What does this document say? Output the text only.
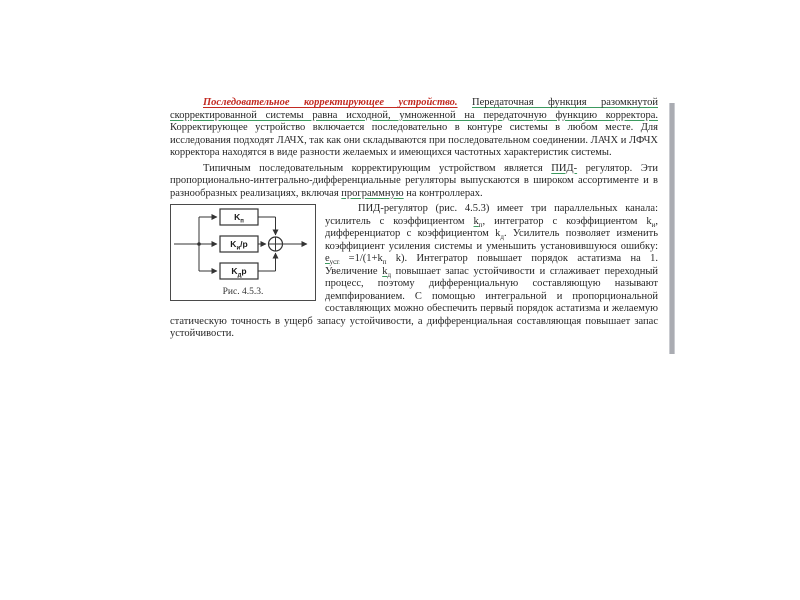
Последовательное корректирующее устройство. Передаточная функция разомкнутой скорректированной системы равна исходной, умноженной на передаточную функцию корректора. Корректирующее устройство включается последовательно в контуре системы в любом месте. Для исследования подходят ЛАЧХ, так как они складываются при последовательном соединении. ЛАЧХ и ЛФЧХ корректора находятся в виде разности желаемых и имеющихся частотных характеристик системы.

Типичным последовательным корректирующим устройством является ПИД- регулятор. Эти пропорционально-интегрально-дифференциальные регуляторы выпускаются в широком ассортименте и в разнообразных реализациях, включая программную на контроллерах.

$K_п$
$K_и/p$
$K_дp$
Рис. 4.5.3.
ПИД-регулятор (рис. 4.5.3) имеет три параллельных канала: усилитель с коэффициентом $k_п$, интегратор с коэффициентом $k_и$, дифференциатор с коэффициентом $k_д$. Усилитель позволяет изменить коэффициент усиления системы и уменьшить установившуюся ошибку: $е_{уст} =1/(1+k_п$ k). Интегратор повышает порядок астатизма на 1. Увеличение $k_д$ повышает запас устойчивости и сглаживает переходный процесс, поэтому дифференциальную составляющую называют демпфированием. С помощью интегральной и пропорциональной составляющих можно обеспечить первый порядок астатизма и желаемую статическую точность в ущерб запасу устойчивости, а дифференциальная составляющая повышает запас устойчивости.
